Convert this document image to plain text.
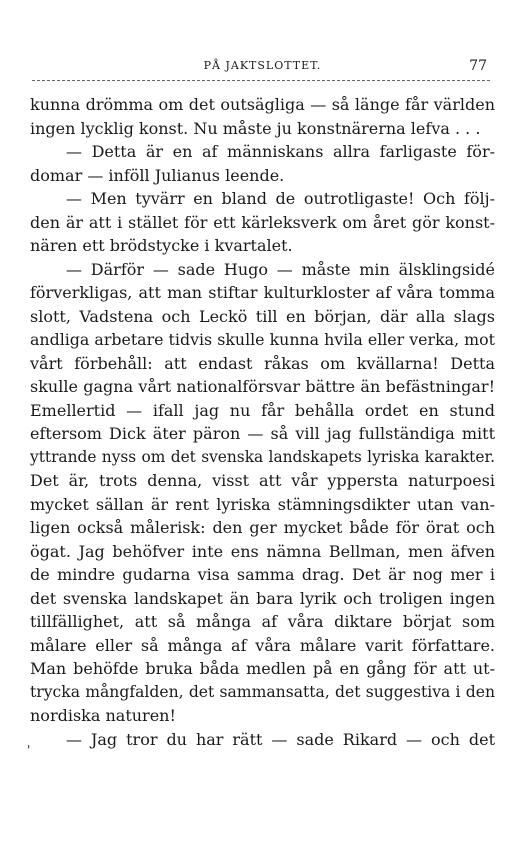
PÅ JAKTSLOTTET.	77
'
kunna drömma om det outsägliga — så länge får världen
ingen lycklig konst. Nu måste ju konstnärerna lefva . . .
— Detta är en af människans allra farligaste för-
domar — inföll Julianus leende.
— Men tyvärr en bland de outrotligaste! Och följ-
den är att i stället för ett kärleksverk om året gör konst-
nären ett brödstycke i kvartalet.
— Därför — sade Hugo — måste min älsklingsidé
förverkligas, att man stiftar kulturkloster af våra tomma
slott, Vadstena och Leckö till en början, där alla slags
andliga arbetare tidvis skulle kunna hvila eller verka, mot
vårt förbehåll: att endast råkas om kvällarna! Detta
skulle gagna vårt nationalförsvar bättre än befästningar!
Emellertid — ifall jag nu får behålla ordet en stund
eftersom Dick äter päron — så vill jag fullständiga mitt
yttrande nyss om det svenska landskapets lyriska karakter.
Det är, trots denna, visst att vår yppersta naturpoesi
mycket sällan är rent lyriska stämningsdikter utan van-
ligen också målerisk: den ger mycket både för örat och
ögat. Jag behöfver inte ens nämna Bellman, men äfven
de mindre gudarna visa samma drag. Det är nog mer i
det svenska landskapet än bara lyrik och troligen ingen
tillfällighet, att så många af våra diktare börjat som
målare eller så många af våra målare varit författare.
Man behöfde bruka båda medlen på en gång för att ut-
trycka mångfalden, det sammansatta, det suggestiva i den
nordiska naturen!
— Jag tror du har rätt — sade Rikard — och det
